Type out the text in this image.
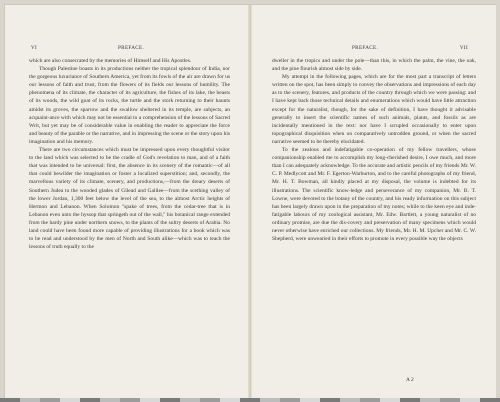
VI	PREFACE.

which are also consecrated by the memories of Himself and His Apostles.

Though Palestine boasts in its productions neither the tropical splendour of India, nor the gorgeous luxuriance of Southern America, yet from its fowls of the air are drawn for us our lessons of faith and trust, from the flowers of its fields our lessons of humility. The phenomena of its climate, the character of its agriculture, the fishes of its lake, the beasts of its woods, the wild goat of its rocks, the turtle and the stork returning to their haunts amidst its groves, the sparrow and the swallow sheltered in its temple, are subjects, an acquaint-ance with which may not be essential to a comprehension of the lessons of Sacred Writ, but yet may be of considerable value in enabling the reader to appreciate the force and beauty of the parable or the narrative, and in impressing the scene or the story upon his imagination and his memory.

There are two circumstances which must be impressed upon every thoughtful visitor to the land which was selected to be the cradle of God's revelation to man, and of a faith that was intended to be universal: first, the absence in its scenery of the romantic—of all that could bewilder the imagination or foster a localized superstition; and, secondly, the marvellous variety of its climate, scenery, and productions,—from the dreary deserts of Southern Judea to the wooded glades of Gilead and Galilee—from the scething valley of the lower Jordan, 1,300 feet below the level of the sea, to the almost Arctic heights of Hermon and Lebanon. When Solomon "spake of trees, from the cedar-tree that is in Lebanon even unto the hyssop that springeth out of the wall," his botanical range extended from the hardy pine under northern snows, to the plants of the sultry deserts of Arabia. No land could have been found more capable of providing illustrations for a book which was to be read and understood by the men of North and South alike—which was to teach the lessons of truth equally to the

PREFACE.	VII

dweller in the tropics and under the pole—than this, in which the palm, the vine, the oak, and the pine flourish almost side by side.

My attempt in the following pages, which are for the most part a transcript of letters written on the spot, has been simply to convey the observations and impressions of each day as to the scenery, features, and products of the country through which we were passing: and I have kept back those technical details and enumerations which would have little attraction except for the naturalist, though, for the sake of definition, I have thought it advisable generally to insert the scientific names of such animals, plants, and fossils as are incidentally mentioned in the text: nor have I scrupled occasionally to enter upon topographical disquisition when on comparatively untrodden ground, or when the sacred narrative seemed to be thereby elucidated.

To the zealous and indefatigable co-operation of my fellow travellers, whose companionship enabled me to accomplish my long-cherished desire, I owe much, and more than I can adequately acknowledge. To the accurate and artistic pencils of my friends Mr. W. C. P. Medlycott and Mr. F. Egerton-Warburton, and to the careful photographs of my friend, Mr. H. T. Bowman, all kindly placed at my disposal, the volume is indebted for its illustrations. The scientific know-ledge and perseverance of my companion, Mr. B. T. Lowne, were devoted to the botany of the country, and his ready information on this subject has been largely drawn upon in the preparation of my notes; while to the keen eye and inde-fatigable labours of my zoological assistant, Mr. Edw. Bartlett, a young naturalist of no ordinary promise, are due the dis-covery and preservation of many specimens which would never otherwise have enriched our collections. My friends, Mr. H. M. Upcher and Mr. C. W. Shepherd, were unwearied in their efforts to promote in every possible way the objects

A 2
